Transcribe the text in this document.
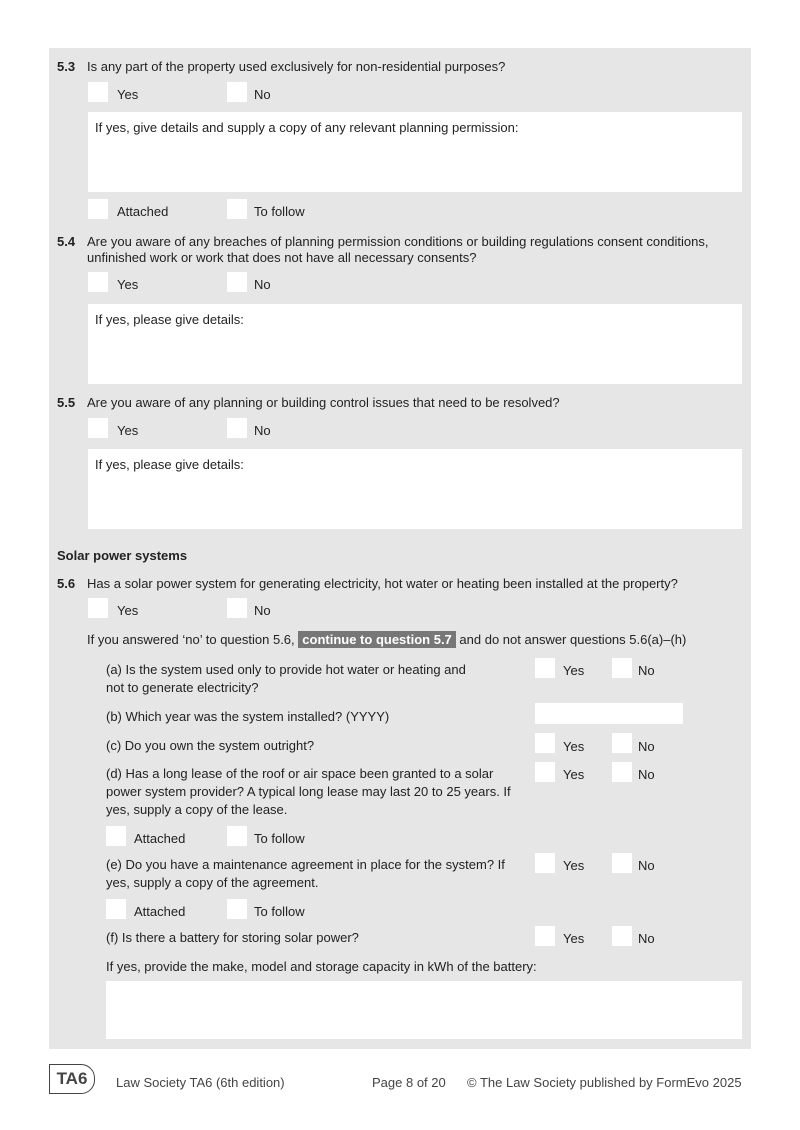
5.3 Is any part of the property used exclusively for non-residential purposes?
Yes	No
If yes, give details and supply a copy of any relevant planning permission:
Attached	To follow
5.4 Are you aware of any breaches of planning permission conditions or building regulations consent conditions, unfinished work or work that does not have all necessary consents?
Yes	No
If yes, please give details:
5.5 Are you aware of any planning or building control issues that need to be resolved?
Yes	No
If yes, please give details:
Solar power systems
5.6 Has a solar power system for generating electricity, hot water or heating been installed at the property?
Yes	No
If you answered ‘no’ to question 5.6, continue to question 5.7 and do not answer questions 5.6(a)–(h)
(a) Is the system used only to provide hot water or heating and not to generate electricity?
Yes	No
(b) Which year was the system installed? (YYYY)
(c) Do you own the system outright?	Yes	No
(d) Has a long lease of the roof or air space been granted to a solar power system provider? A typical long lease may last 20 to 25 years. If yes, supply a copy of the lease.
Yes	No
Attached	To follow
(e) Do you have a maintenance agreement in place for the system? If yes, supply a copy of the agreement.
Yes	No
Attached	To follow
(f) Is there a battery for storing solar power?	Yes	No
If yes, provide the make, model and storage capacity in kWh of the battery:
TA6	Law Society TA6 (6th edition)	Page 8 of 20 © The Law Society published by FormEvo 2025
